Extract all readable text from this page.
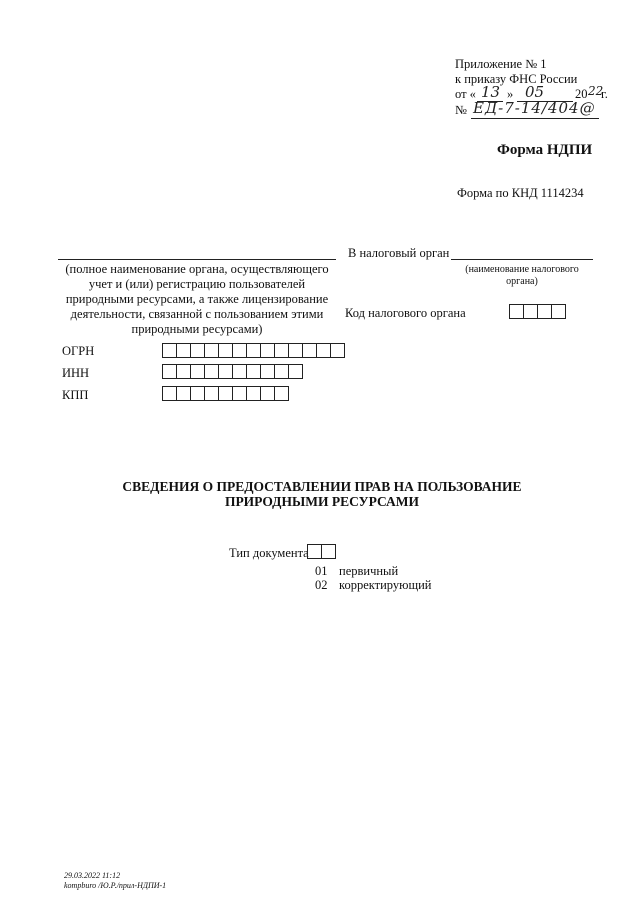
Приложение № 1
к приказу ФНС России
от « 13 » 05 20 22
г.
№ ЕД-7-14/404@
Форма НДПИ
Форма по КНД 1114234
(полное наименование органа, осуществляющего учет и (или) регистрацию пользователей природными ресурсами, а также лицензирование деятельности, связанной с пользованием этими природными ресурсами)
В налоговый орган
(наименование налогового органа)
Код налогового органа
ОГРН
ИНН
КПП
СВЕДЕНИЯ О ПРЕДОСТАВЛЕНИИ ПРАВ НА ПОЛЬЗОВАНИЕ ПРИРОДНЫМИ РЕСУРСАМИ
Тип документа
01 первичный
02 корректирующий
29.03.2022 11:12
kompburo /Ю.Р./прил-НДПИ-1
